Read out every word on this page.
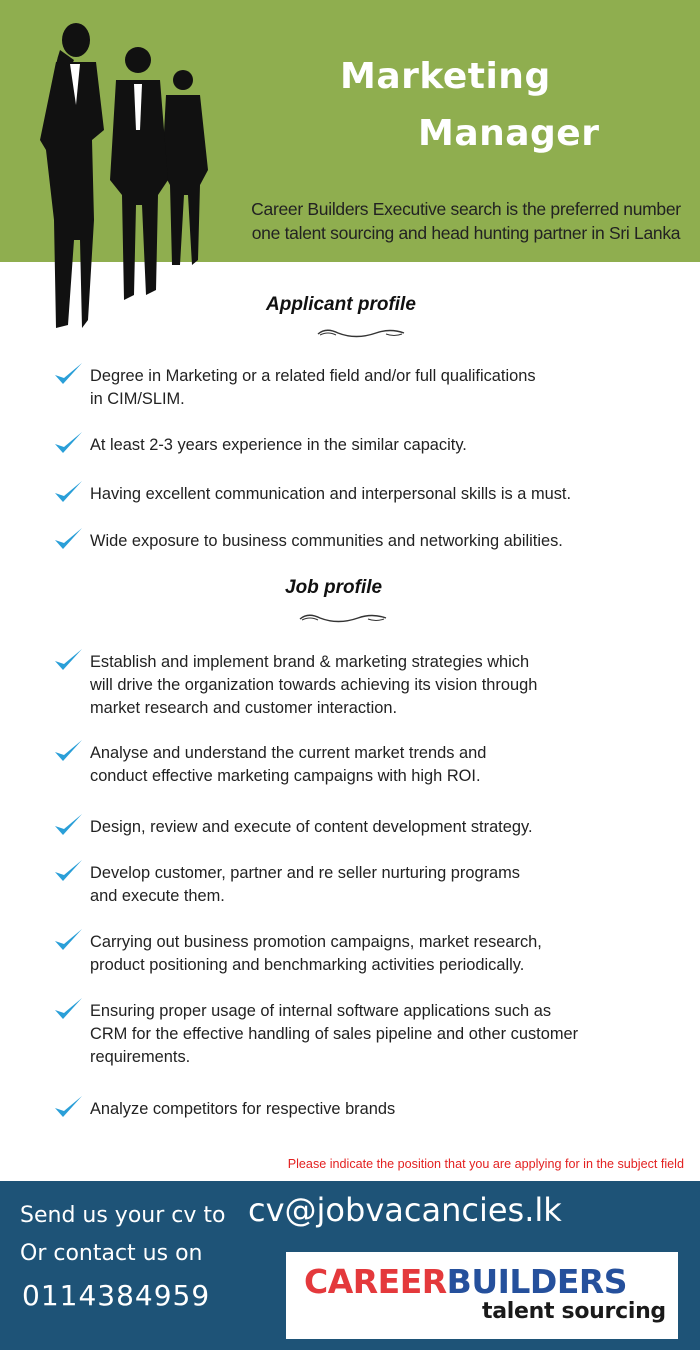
Marketing
Manager
Career Builders Executive search is the preferred number
one talent sourcing and head hunting partner in Sri Lanka
Applicant profile
Degree in Marketing or a related field and/or full qualifications
in CIM/SLIM.
At least 2-3 years experience in the similar capacity.
Having excellent communication and interpersonal skills is a must.
Wide exposure to business communities and networking abilities.
Job profile
Establish and implement brand & marketing strategies which
will drive the organization towards achieving its vision through
market research and customer interaction.
Analyse and understand the current market trends and
conduct effective marketing campaigns with high ROI.
Design, review and execute of content development strategy.
Develop customer, partner and re seller nurturing programs
and execute them.
Carrying out business promotion campaigns, market research,
product positioning and benchmarking activities periodically.
Ensuring proper usage of internal software applications such as
CRM for the effective handling of sales pipeline and other customer
requirements.
Analyze competitors for respective brands
Please indicate the position that you are applying for in the subject field
Send us your cv to cv@jobvacancies.lk
Or contact us on
0114384959	CAREERBUILDERS
talent sourcing
